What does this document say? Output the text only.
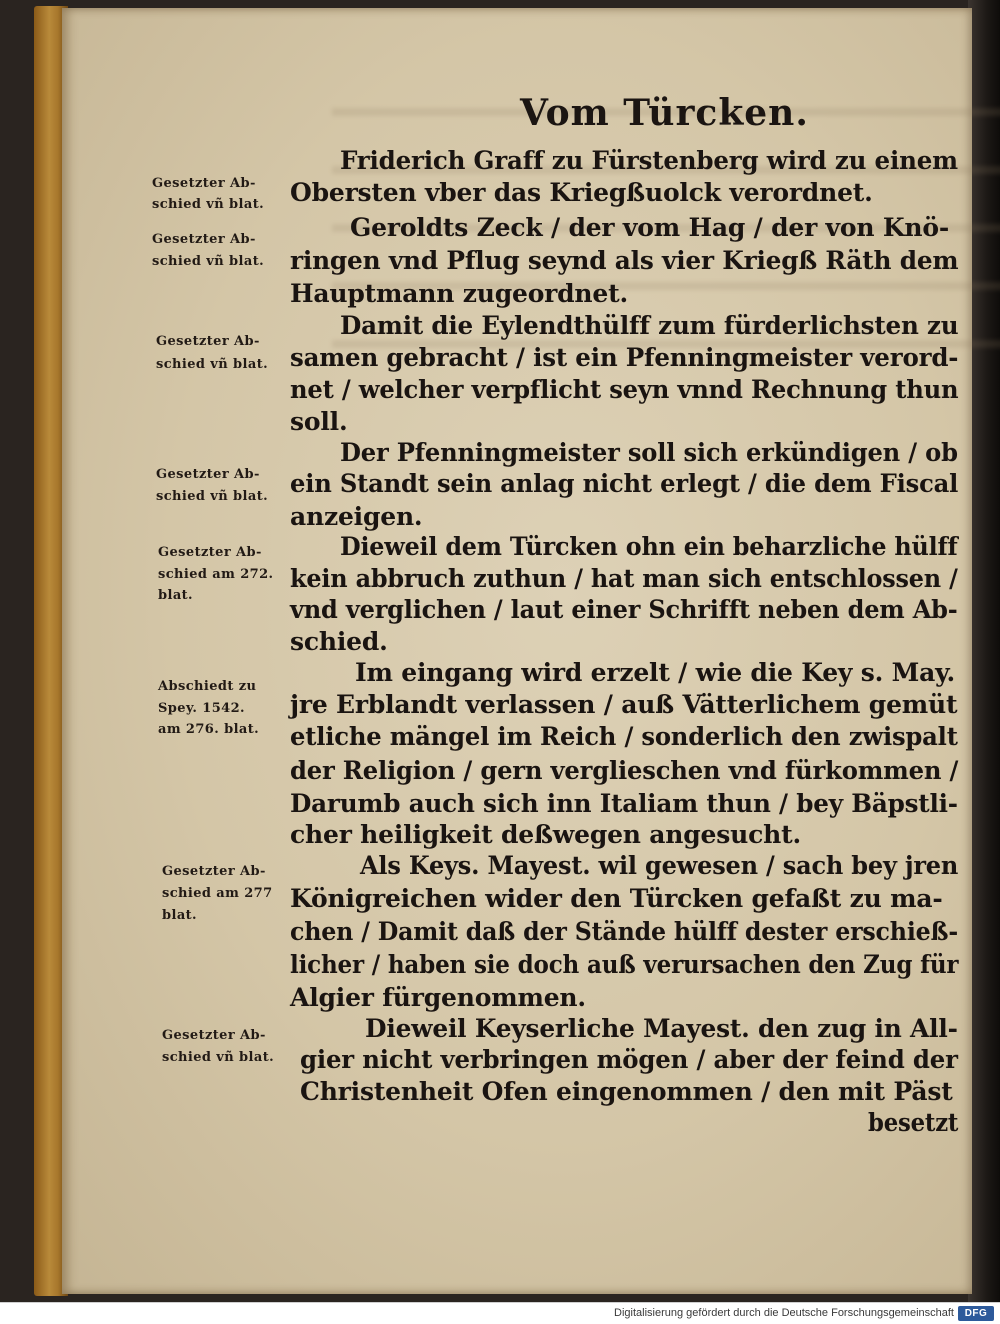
Vom Türcken.
Friderich Graff zu Fürstenberg wird zu einem
Obersten vber das Kriegßuolck verordnet.
Geroldts Zeck / der vom Hag / der von Knö-
ringen vnd Pflug seynd als vier Kriegß Räth dem
Hauptmann zugeordnet.
Damit die Eylendthülff zum fürderlichsten zu
samen gebracht / ist ein Pfenningmeister verord-
net / welcher verpflicht seyn vnnd Rechnung thun
soll.
Der Pfenningmeister soll sich erkündigen / ob
ein Standt sein anlag nicht erlegt / die dem Fiscal
anzeigen.
Dieweil dem Türcken ohn ein beharzliche hülff
kein abbruch zuthun / hat man sich entschlossen /
vnd verglichen / laut einer Schrifft neben dem Ab-
schied.
Im eingang wird erzelt / wie die Key s. May.
jre Erblandt verlassen / auß Vätterlichem gemüt
etliche mängel im Reich / sonderlich den zwispalt
der Religion / gern verglieschen vnd fürkommen /
Darumb auch sich inn Italiam thun / bey Bäpstli-
cher heiligkeit deßwegen angesucht.
Als Keys. Mayest. wil gewesen / sach bey jren
Königreichen wider den Türcken gefaßt zu ma-
chen / Damit daß der Stände hülff dester erschieß-
licher / haben sie doch auß verursachen den Zug für
Algier fürgenommen.
Dieweil Keyserliche Mayest. den zug in All-
gier nicht verbringen mögen / aber der feind der
Christenheit Ofen eingenommen / den mit Päst
besetzt
Gesetzter Ab-
schied vñ blat.
Gesetzter Ab-
schied vñ blat.
Gesetzter Ab-
schied vñ blat.
Gesetzter Ab-
schied vñ blat.
Gesetzter Ab-
schied am 272.
blat.
Abschiedt zu
Spey. 1542.
am 276. blat.
Gesetzter Ab-
schied am 277
blat.
Gesetzter Ab-
schied vñ blat.
Digitalisierung gefördert durch die Deutsche Forschungsgemeinschaft	DFG
